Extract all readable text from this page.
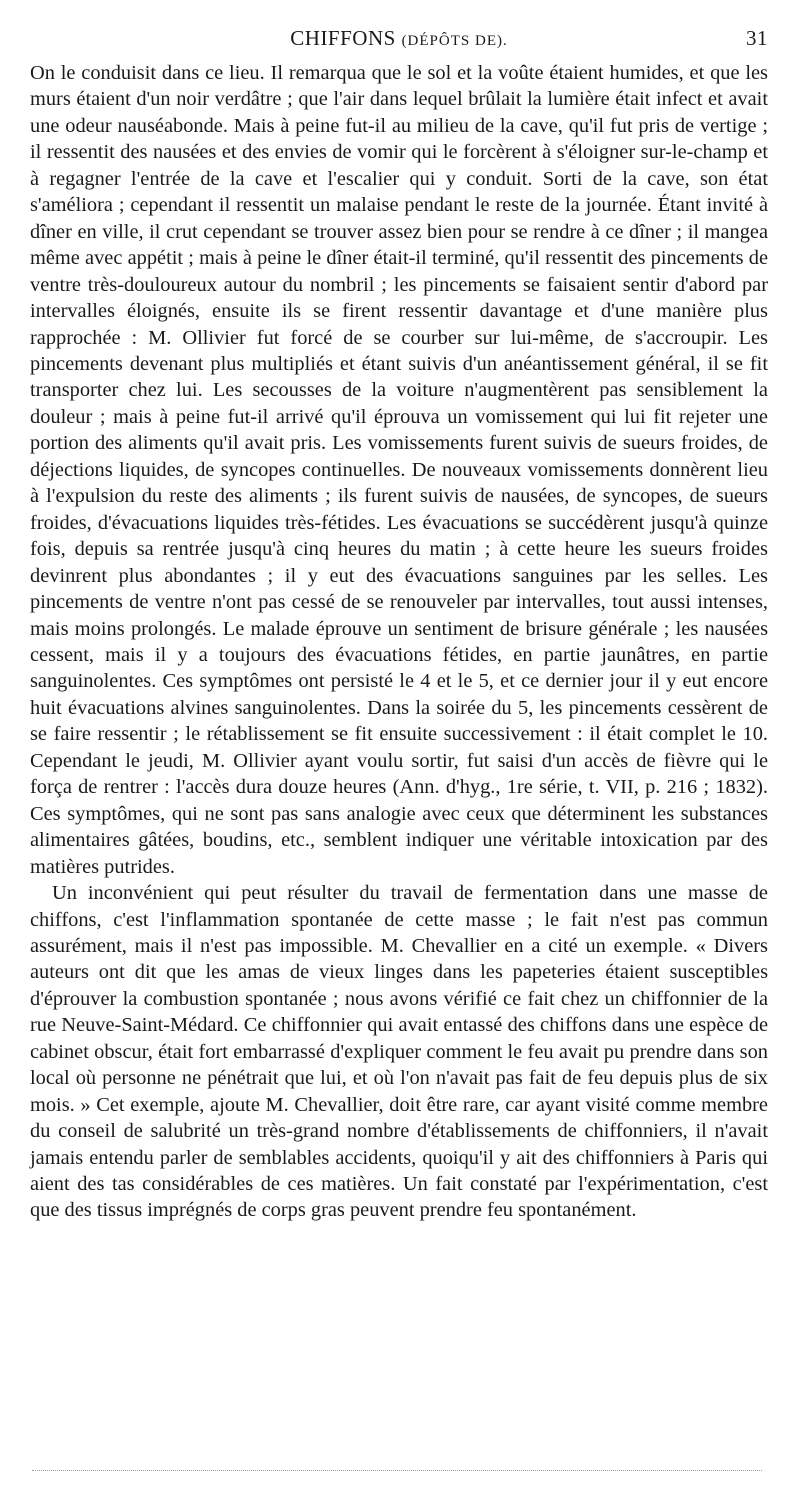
CHIFFONS (DÉPÔTS DE).	31

On le conduisit dans ce lieu. Il remarqua que le sol et la voûte étaient humides, et que les murs étaient d'un noir verdâtre ; que l'air dans lequel brûlait la lumière était infect et avait une odeur nauséabonde. Mais à peine fut-il au milieu de la cave, qu'il fut pris de vertige ; il ressentit des nausées et des envies de vomir qui le forcèrent à s'éloigner sur-le-champ et à regagner l'entrée de la cave et l'escalier qui y conduit. Sorti de la cave, son état s'améliora ; cependant il ressentit un malaise pendant le reste de la journée. Étant invité à dîner en ville, il crut cependant se trouver assez bien pour se rendre à ce dîner ; il mangea même avec appétit ; mais à peine le dîner était-il terminé, qu'il ressentit des pincements de ventre très-douloureux autour du nombril ; les pincements se faisaient sentir d'abord par intervalles éloignés, ensuite ils se firent ressentir davantage et d'une manière plus rapprochée : M. Ollivier fut forcé de se courber sur lui-même, de s'accroupir. Les pincements devenant plus multipliés et étant suivis d'un anéantissement général, il se fit transporter chez lui. Les secousses de la voiture n'augmentèrent pas sensiblement la douleur ; mais à peine fut-il arrivé qu'il éprouva un vomissement qui lui fit rejeter une portion des aliments qu'il avait pris. Les vomissements furent suivis de sueurs froides, de déjections liquides, de syncopes continuelles. De nouveaux vomissements donnèrent lieu à l'expulsion du reste des aliments ; ils furent suivis de nausées, de syncopes, de sueurs froides, d'évacuations liquides très-fétides. Les évacuations se succédèrent jusqu'à quinze fois, depuis sa rentrée jusqu'à cinq heures du matin ; à cette heure les sueurs froides devinrent plus abondantes ; il y eut des évacuations sanguines par les selles. Les pincements de ventre n'ont pas cessé de se renouveler par intervalles, tout aussi intenses, mais moins prolongés. Le malade éprouve un sentiment de brisure générale ; les nausées cessent, mais il y a toujours des évacuations fétides, en partie jaunâtres, en partie sanguinolentes. Ces symptômes ont persisté le 4 et le 5, et ce dernier jour il y eut encore huit évacuations alvines sanguinolentes. Dans la soirée du 5, les pincements cessèrent de se faire ressentir ; le rétablissement se fit ensuite successivement : il était complet le 10. Cependant le jeudi, M. Ollivier ayant voulu sortir, fut saisi d'un accès de fièvre qui le força de rentrer : l'accès dura douze heures (Ann. d'hyg., 1re série, t. VII, p. 216 ; 1832). Ces symptômes, qui ne sont pas sans analogie avec ceux que déterminent les substances alimentaires gâtées, boudins, etc., semblent indiquer une véritable intoxication par des matières putrides.

Un inconvénient qui peut résulter du travail de fermentation dans une masse de chiffons, c'est l'inflammation spontanée de cette masse ; le fait n'est pas commun assurément, mais il n'est pas impossible. M. Chevallier en a cité un exemple. « Divers auteurs ont dit que les amas de vieux linges dans les papeteries étaient susceptibles d'éprouver la combustion spontanée ; nous avons vérifié ce fait chez un chiffonnier de la rue Neuve-Saint-Médard. Ce chiffonnier qui avait entassé des chiffons dans une espèce de cabinet obscur, était fort embarrassé d'expliquer comment le feu avait pu prendre dans son local où personne ne pénétrait que lui, et où l'on n'avait pas fait de feu depuis plus de six mois. » Cet exemple, ajoute M. Chevallier, doit être rare, car ayant visité comme membre du conseil de salubrité un très-grand nombre d'établissements de chiffonniers, il n'avait jamais entendu parler de semblables accidents, quoiqu'il y ait des chiffonniers à Paris qui aient des tas considérables de ces matières. Un fait constaté par l'expérimentation, c'est que des tissus imprégnés de corps gras peuvent prendre feu spontanément.
